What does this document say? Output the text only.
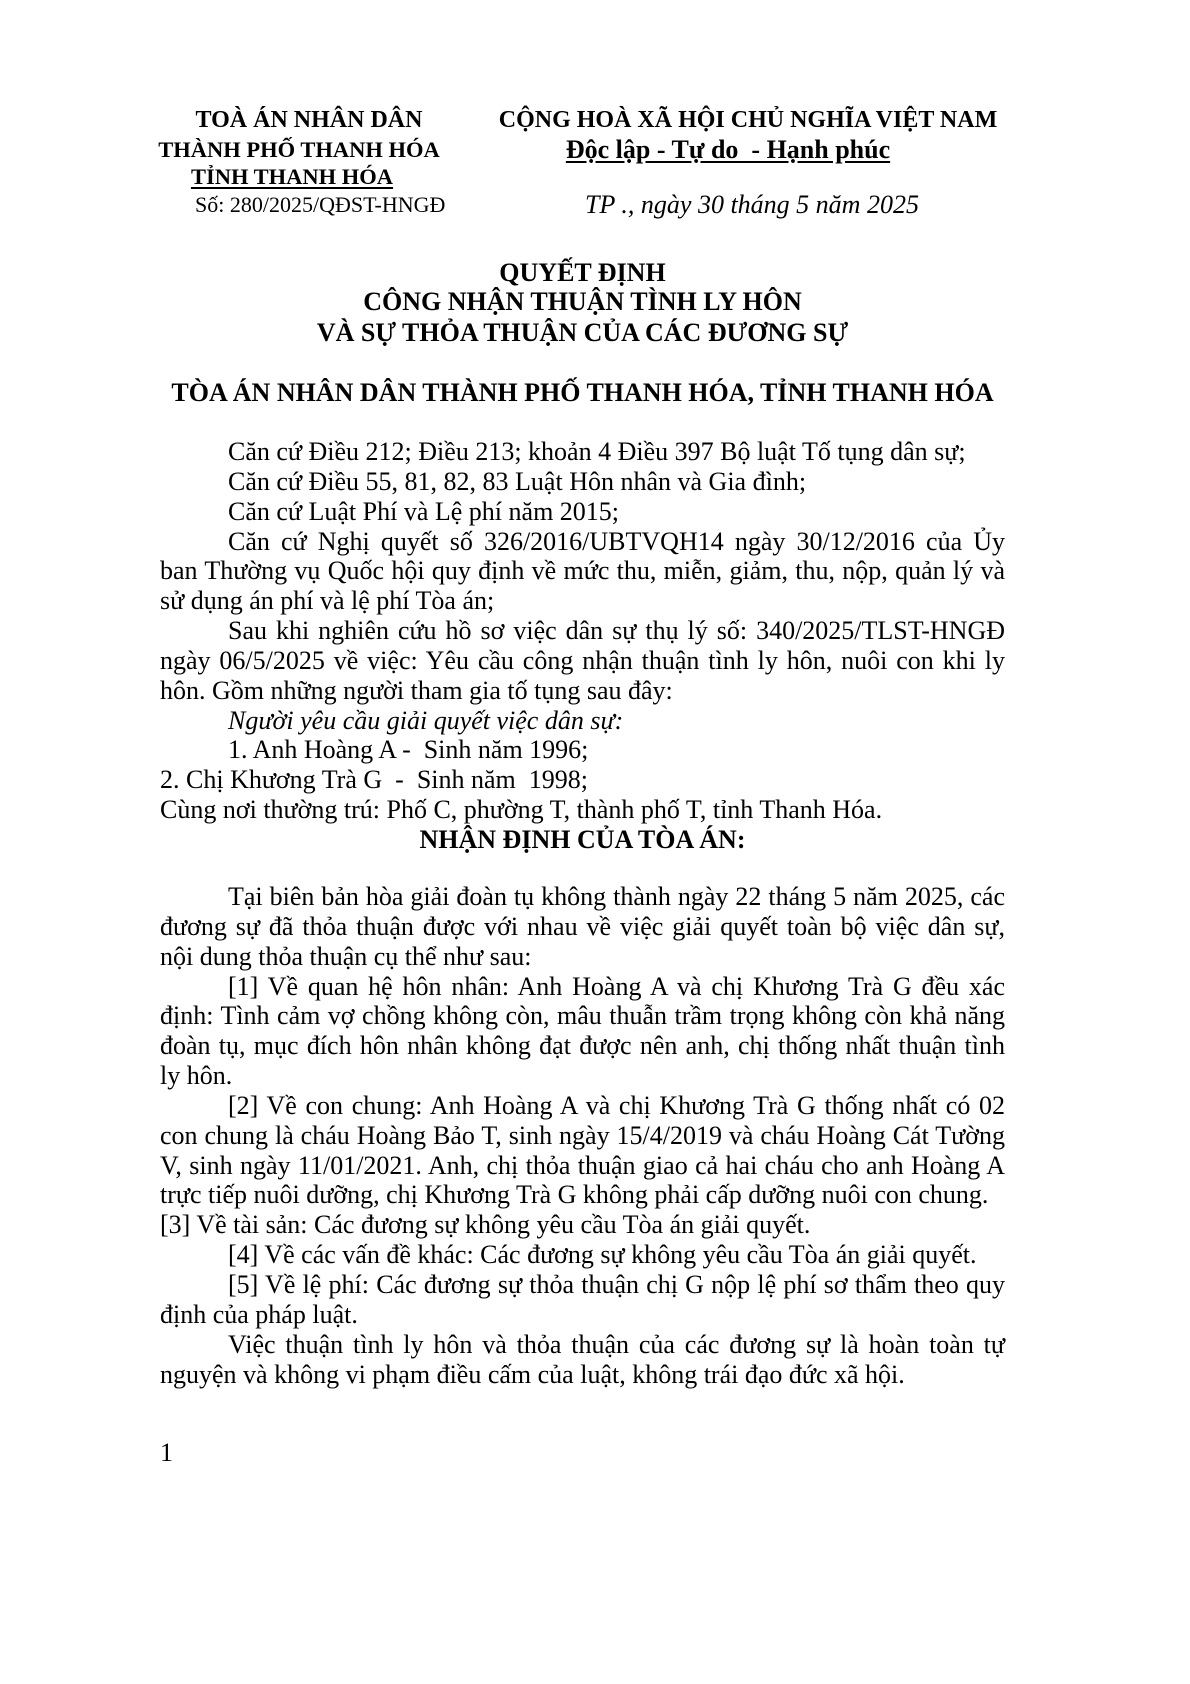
TOÀ ÁN NHÂN DÂN
THÀNH PHỐ THANH HÓA
TỈNH THANH HÓA
Số: 280/2025/QĐST-HNGĐ
CỘNG HOÀ XÃ HỘI CHỦ NGHĨA VIỆT NAM
Độc lập - Tự do  - Hạnh phúc
TP ., ngày 30 tháng 5 năm 2025
QUYẾT ĐỊNH
CÔNG NHẬN THUẬN TÌNH LY HÔN
VÀ SỰ THỎA THUẬN CỦA CÁC ĐƯƠNG SỰ
TÒA ÁN NHÂN DÂN THÀNH PHỐ THANH HÓA, TỈNH THANH HÓA
Căn cứ Điều 212; Điều 213; khoản 4 Điều 397 Bộ luật Tố tụng dân sự;
Căn cứ Điều 55, 81, 82, 83 Luật Hôn nhân và Gia đình;
Căn cứ Luật Phí và Lệ phí năm 2015;
Căn cứ Nghị quyết số 326/2016/UBTVQH14 ngày 30/12/2016 của Ủy
ban Thường vụ Quốc hội quy định về mức thu, miễn, giảm, thu, nộp, quản lý và
sử dụng án phí và lệ phí Tòa án;
Sau khi nghiên cứu hồ sơ việc dân sự thụ lý số: 340/2025/TLST-HNGĐ
ngày 06/5/2025 về việc: Yêu cầu công nhận thuận tình ly hôn, nuôi con khi ly
hôn. Gồm những người tham gia tố tụng sau đây:
Người yêu cầu giải quyết việc dân sự:
1. Anh Hoàng A -  Sinh năm 1996;
2. Chị Khương Trà G  -  Sinh năm  1998;
Cùng nơi thường trú: Phố C, phường T, thành phố T, tỉnh Thanh Hóa.
NHẬN ĐỊNH CỦA TÒA ÁN:
Tại biên bản hòa giải đoàn tụ không thành ngày 22 tháng 5 năm 2025, các
đương sự đã thỏa thuận được với nhau về việc giải quyết toàn bộ việc dân sự,
nội dung thỏa thuận cụ thể như sau:
[1] Về quan hệ hôn nhân: Anh Hoàng A và chị Khương Trà G đều xác
định: Tình cảm vợ chồng không còn, mâu thuẫn trầm trọng không còn khả năng
đoàn tụ, mục đích hôn nhân không đạt được nên anh, chị thống nhất thuận tình
ly hôn.
[2] Về con chung: Anh Hoàng A và chị Khương Trà G thống nhất có 02
con chung là cháu Hoàng Bảo T, sinh ngày 15/4/2019 và cháu Hoàng Cát Tường
V, sinh ngày 11/01/2021. Anh, chị thỏa thuận giao cả hai cháu cho anh Hoàng A
trực tiếp nuôi dưỡng, chị Khương Trà G không phải cấp dưỡng nuôi con chung.
[3] Về tài sản: Các đương sự không yêu cầu Tòa án giải quyết.
[4] Về các vấn đề khác: Các đương sự không yêu cầu Tòa án giải quyết.
[5] Về lệ phí: Các đương sự thỏa thuận chị G nộp lệ phí sơ thẩm theo quy
định của pháp luật.
Việc thuận tình ly hôn và thỏa thuận của các đương sự là hoàn toàn tự
nguyện và không vi phạm điều cấm của luật, không trái đạo đức xã hội.
1
